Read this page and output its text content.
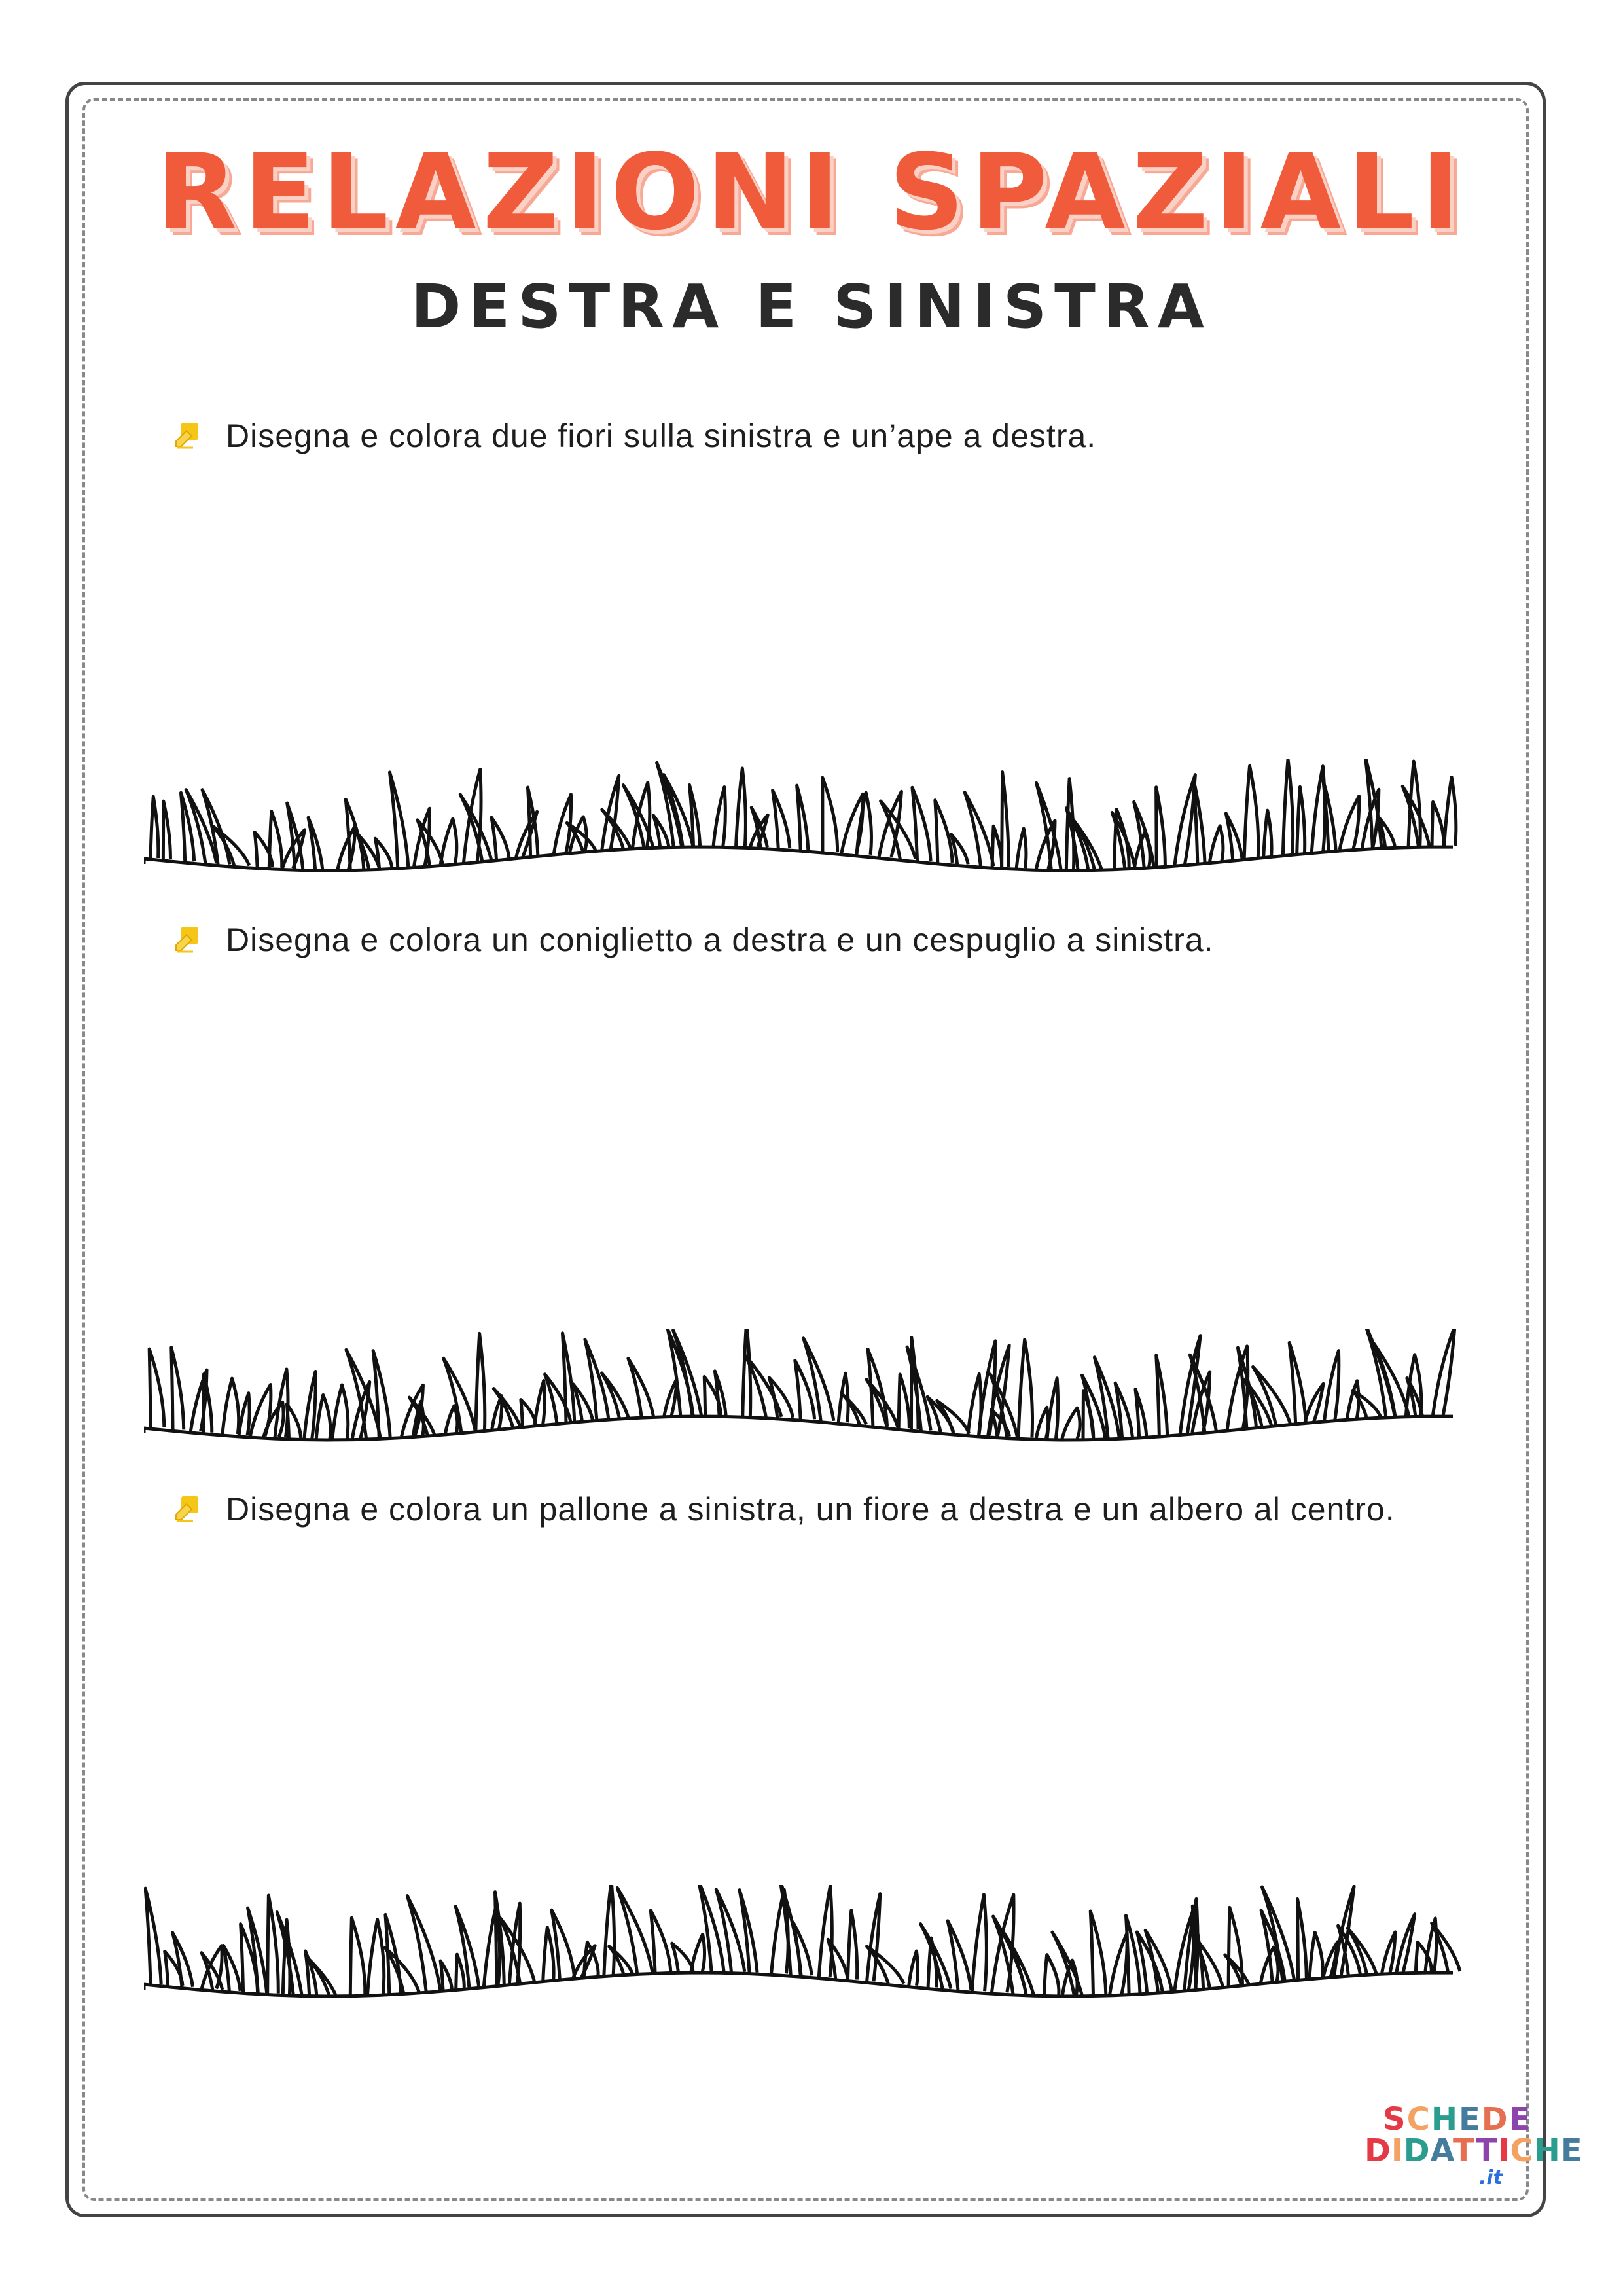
RELAZIONI SPAZIALI
DESTRA E SINISTRA
Disegna e colora due fiori sulla sinistra e un’ape a destra.
Disegna e colora un coniglietto a destra e un cespuglio a sinistra.
Disegna e colora un pallone a sinistra, un fiore a destra e un albero al centro.
SCHEDE
DIDATTICHE
.it
